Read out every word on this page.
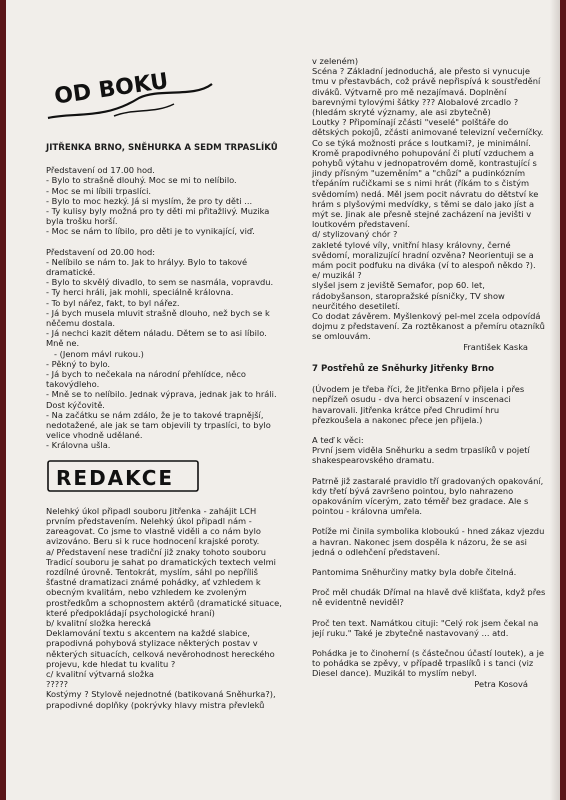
OD BOKU

JITŘENKA BRNO, SNĚHURKA A SEDM TRPASLÍKŮ

Představení od 17.00 hod.

- Bylo to strašně dlouhý. Moc se mi to nelíbilo.

- Moc se mi líbili trpaslíci.

- Bylo to moc hezký. Já si myslím, že pro ty děti ...

- Ty kulisy byly možná pro ty děti mi přitažlivý. Muzika byla trošku horší.

- Moc se nám to líbilo, pro děti je to vynikající, viď.

Představení od 20.00 hod:

- Nelíbilo se nám to. Jak to hrályy. Bylo to takové dramatické.

- Bylo to skvělý divadlo, to sem se nasmála, vopravdu.

- Ty herci hráli, jak mohli, speciálně královna.

- To byl nářez, fakt, to byl nářez.

- Já bych musela mluvit strašně dlouho, než bych se k něčemu dostala.

- Já nechci kazit dětem náladu. Dětem se to asi líbilo. Mně ne.

- (Jenom mávl rukou.)

- Pěkný to bylo.

- Já bych to nečekala na národní přehlídce, něco takovýdleho.

- Mně se to nelíbilo. Jednak výprava, jednak jak to hráli. Dost kýčovitě.

- Na začátku se nám zdálo, že je to takové trapnější, nedotažené, ale jak se tam objevili ty trpaslíci, to bylo velice vhodně udělané.

- Královna ušla.

REDAKCE

Nelehký úkol připadl souboru Jitřenka - zahájit LCH prvním představením. Nelehký úkol připadl nám - zareagovat. Co jsme to vlastně viděli a co nám bylo avizováno. Beru si k ruce hodnocení krajské poroty.

a/ Představení nese tradiční již znaky tohoto souboru

Tradicí souboru je sahat po dramatických textech velmi rozdílné úrovně. Tentokrát, myslím, sáhl po nepříliš šťastné dramatizaci známé pohádky, ať vzhledem k obecným kvalitám, nebo vzhledem ke zvoleným prostředkům a schopnostem aktérů (dramatické situace, které předpokládají psychologické hraní)

b/ kvalitní složka herecká

Deklamování textu s akcentem na každé slabice, prapodivná pohybová stylizace některých postav v některých situacích, celková nevěrohodnost hereckého projevu, kde hledat tu kvalitu ?

c/ kvalitní výtvarná složka

?????

Kostýmy ? Stylově nejednotné (batikovaná Sněhurka?), prapodivné doplňky (pokrývky hlavy mistra převleků

v zeleném)

Scéna ? Základní jednoduchá, ale přesto si vynucuje tmu v přestavbách, což právě nepřispívá k soustředění diváků. Výtvarně pro mě nezajímavá. Doplnění barevnými tylovými šátky ??? Alobalové zrcadlo ? (hledám skryté významy, ale asi zbytečně)

Loutky ? Připomínají zčásti "veselé" polštáře do dětských pokojů, zčásti animované televizní večerníčky.

Co se týká možnosti práce s loutkami?, je minimální. Kromě prapodivného pohupování či plutí vzduchem a pohybů výtahu v jednopatrovém domě, kontrastující s jindy přísným "uzeměním" a "chůzí" a pudinkózním třepáním ručičkami se s nimi hrát (říkám to s čistým svědomím) nedá. Měl jsem pocit návratu do dětství ke hrám s plyšovými medvídky, s těmi se dalo jako jíst a mýt se. Jinak ale přesně stejné zacházení na jevišti v loutkovém představení.

d/ stylizovaný chór ?

zakleté tylové víly, vnitřní hlasy královny, černé svědomí, moralizující hradní ozvěna? Neorientuji se a mám pocit podfuku na diváka (ví to alespoň někdo ?).

e/ muzikál ?

slyšel jsem z jeviště Semafor, pop 60. let, rádobyšanson, staropražské písničky, TV show neurčitého desetiletí.

Co dodat závěrem. Myšlenkový pel-mel zcela odpovídá dojmu z představení. Za roztěkanost a přemíru otazníků se omlouvám.

František Kaska

7 Postřehů ze Sněhurky Jitřenky Brno

(Úvodem je třeba říci, že Jitřenka Brno přijela i přes nepřízeň osudu - dva herci obsazení v inscenaci havarovali. Jitřenka krátce před Chrudimí hru přezkoušela a nakonec přece jen přijela.)

A teď k věci:

První jsem viděla Sněhurku a sedm trpaslíků v pojetí shakespearovského dramatu.

Patrně již zastaralé pravidlo tří gradovaných opakování, kdy třetí bývá završeno pointou, bylo nahrazeno opakováním vícerým, zato téměř bez gradace. Ale s pointou - královna umřela.

Potíže mi činila symbolika kloboukú - hned zákaz vjezdu a havran. Nakonec jsem dospěla k názoru, že se asi jedná o odlehčení představení.

Pantomima Sněhurčiny matky byla dobře čitelná.

Proč měl chudák Dřímal na hlavě dvě klišťata, když přes ně evidentně neviděl?

Proč ten text. Namátkou cituji: "Celý rok jsem čekal na její ruku." Také je zbytečně nastavovaný ... atd.

Pohádka je to činoherní (s částečnou účastí loutek), a je to pohádka se zpěvy, v případě trpaslíků i s tanci (viz Diesel dance). Muzikál to myslím nebyl.

Petra Kosová
